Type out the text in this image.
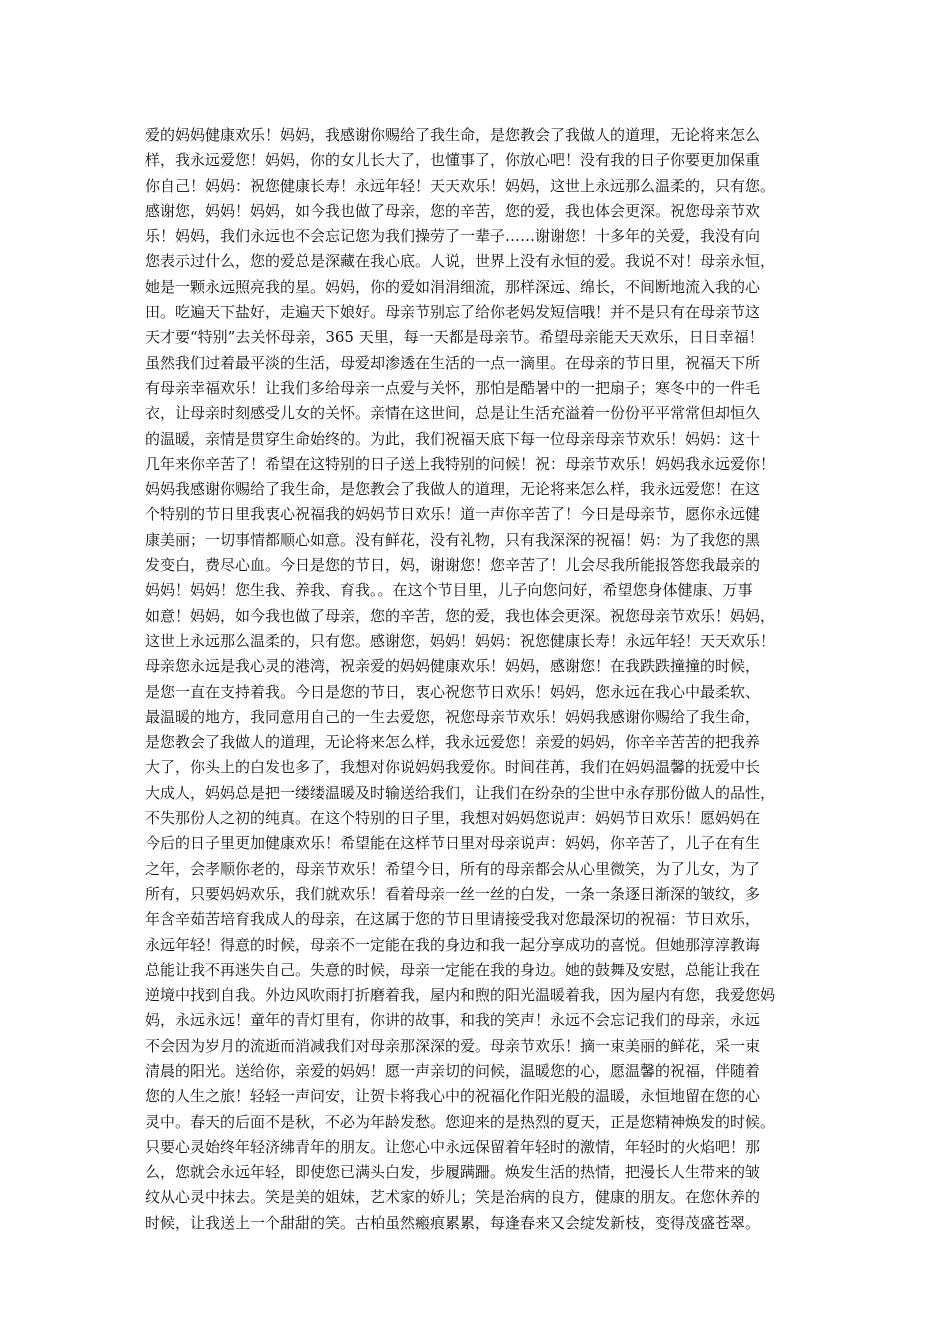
爱的妈妈健康欢乐！妈妈，我感谢你赐给了我生命，是您教会了我做人的道理，无论将来怎么
样，我永远爱您！妈妈，你的女儿长大了，也懂事了，你放心吧！没有我的日子你要更加保重
你自己！妈妈：祝您健康长寿！永远年轻！天天欢乐！妈妈，这世上永远那么温柔的，只有您。
感谢您，妈妈！妈妈，如今我也做了母亲，您的辛苦，您的爱，我也体会更深。祝您母亲节欢
乐！妈妈，我们永远也不会忘记您为我们操劳了一辈子……谢谢您！十多年的关爱，我没有向
您表示过什么，您的爱总是深藏在我心底。人说，世界上没有永恒的爱。我说不对！母亲永恒，
她是一颗永远照亮我的星。妈妈，你的爱如涓涓细流，那样深远、绵长，不间断地流入我的心
田。吃遍天下盐好，走遍天下娘好。母亲节别忘了给你老妈发短信哦！并不是只有在母亲节这
天才要“特别”去关怀母亲，365 天里，每一天都是母亲节。希望母亲能天天欢乐，日日幸福！
虽然我们过着最平淡的生活，母爱却渗透在生活的一点一滴里。在母亲的节日里，祝福天下所
有母亲幸福欢乐！让我们多给母亲一点爱与关怀，那怕是酷暑中的一把扇子；寒冬中的一件毛
衣，让母亲时刻感受儿女的关怀。亲情在这世间，总是让生活充溢着一份份平平常常但却恒久
的温暖，亲情是贯穿生命始终的。为此，我们祝福天底下每一位母亲母亲节欢乐！妈妈：这十
几年来你辛苦了！希望在这特别的日子送上我特别的问候！祝：母亲节欢乐！妈妈我永远爱你！
妈妈我感谢你赐给了我生命，是您教会了我做人的道理，无论将来怎么样，我永远爱您！在这
个特别的节日里我衷心祝福我的妈妈节日欢乐！道一声你辛苦了！今日是母亲节，愿你永远健
康美丽；一切事情都顺心如意。没有鲜花，没有礼物，只有我深深的祝福！妈：为了我您的黑
发变白，费尽心血。今日是您的节日，妈，谢谢您！您辛苦了！儿会尽我所能报答您我最亲的
妈妈！妈妈！您生我、养我、育我。。在这个节目里，儿子向您问好，希望您身体健康、万事
如意！妈妈，如今我也做了母亲，您的辛苦，您的爱，我也体会更深。祝您母亲节欢乐！妈妈，
这世上永远那么温柔的，只有您。感谢您，妈妈！妈妈：祝您健康长寿！永远年轻！天天欢乐！
母亲您永远是我心灵的港湾，祝亲爱的妈妈健康欢乐！妈妈，感谢您！在我跌跌撞撞的时候，
是您一直在支持着我。今日是您的节日，衷心祝您节日欢乐！妈妈，您永远在我心中最柔软、
最温暖的地方，我同意用自己的一生去爱您，祝您母亲节欢乐！妈妈我感谢你赐给了我生命，
是您教会了我做人的道理，无论将来怎么样，我永远爱您！亲爱的妈妈，你辛辛苦苦的把我养
大了，你头上的白发也多了，我想对你说妈妈我爱你。时间荏苒，我们在妈妈温馨的抚爱中长
大成人，妈妈总是把一缕缕温暖及时输送给我们，让我们在纷杂的尘世中永存那份做人的品性，
不失那份人之初的纯真。在这个特别的日子里，我想对妈妈您说声：妈妈节日欢乐！愿妈妈在
今后的日子里更加健康欢乐！希望能在这样节日里对母亲说声：妈妈，你辛苦了，儿子在有生
之年，会孝顺你老的，母亲节欢乐！希望今日，所有的母亲都会从心里微笑，为了儿女，为了
所有，只要妈妈欢乐，我们就欢乐！看着母亲一丝一丝的白发，一条一条逐日渐深的皱纹，多
年含辛茹苦培育我成人的母亲，在这属于您的节日里请接受我对您最深切的祝福：节日欢乐，
永远年轻！得意的时候，母亲不一定能在我的身边和我一起分享成功的喜悦。但她那淳淳教诲
总能让我不再迷失自己。失意的时候，母亲一定能在我的身边。她的鼓舞及安慰，总能让我在
逆境中找到自我。外边风吹雨打折磨着我，屋内和煦的阳光温暖着我，因为屋内有您，我爱您妈
妈，永远永远！童年的青灯里有，你讲的故事，和我的笑声！永远不会忘记我们的母亲，永远
不会因为岁月的流逝而消减我们对母亲那深深的爱。母亲节欢乐！摘一束美丽的鲜花，采一束
清晨的阳光。送给你，亲爱的妈妈！愿一声亲切的问候，温暖您的心，愿温馨的祝福，伴随着
您的人生之旅！轻轻一声问安，让贺卡将我心中的祝福化作阳光般的温暖，永恒地留在您的心
灵中。春天的后面不是秋，不必为年龄发愁。您迎来的是热烈的夏天，正是您精神焕发的时候。
只要心灵始终年轻济绋青年的朋友。让您心中永远保留着年轻时的激情，年轻时的火焰吧！那
么，您就会永远年轻，即使您已满头白发，步履蹒跚。焕发生活的热情，把漫长人生带来的皱
纹从心灵中抹去。笑是美的姐妹，艺术家的娇儿；笑是治病的良方，健康的朋友。在您休养的
时候，让我送上一个甜甜的笑。古柏虽然瘢痕累累，每逢春来又会绽发新枝，变得茂盛苍翠。
